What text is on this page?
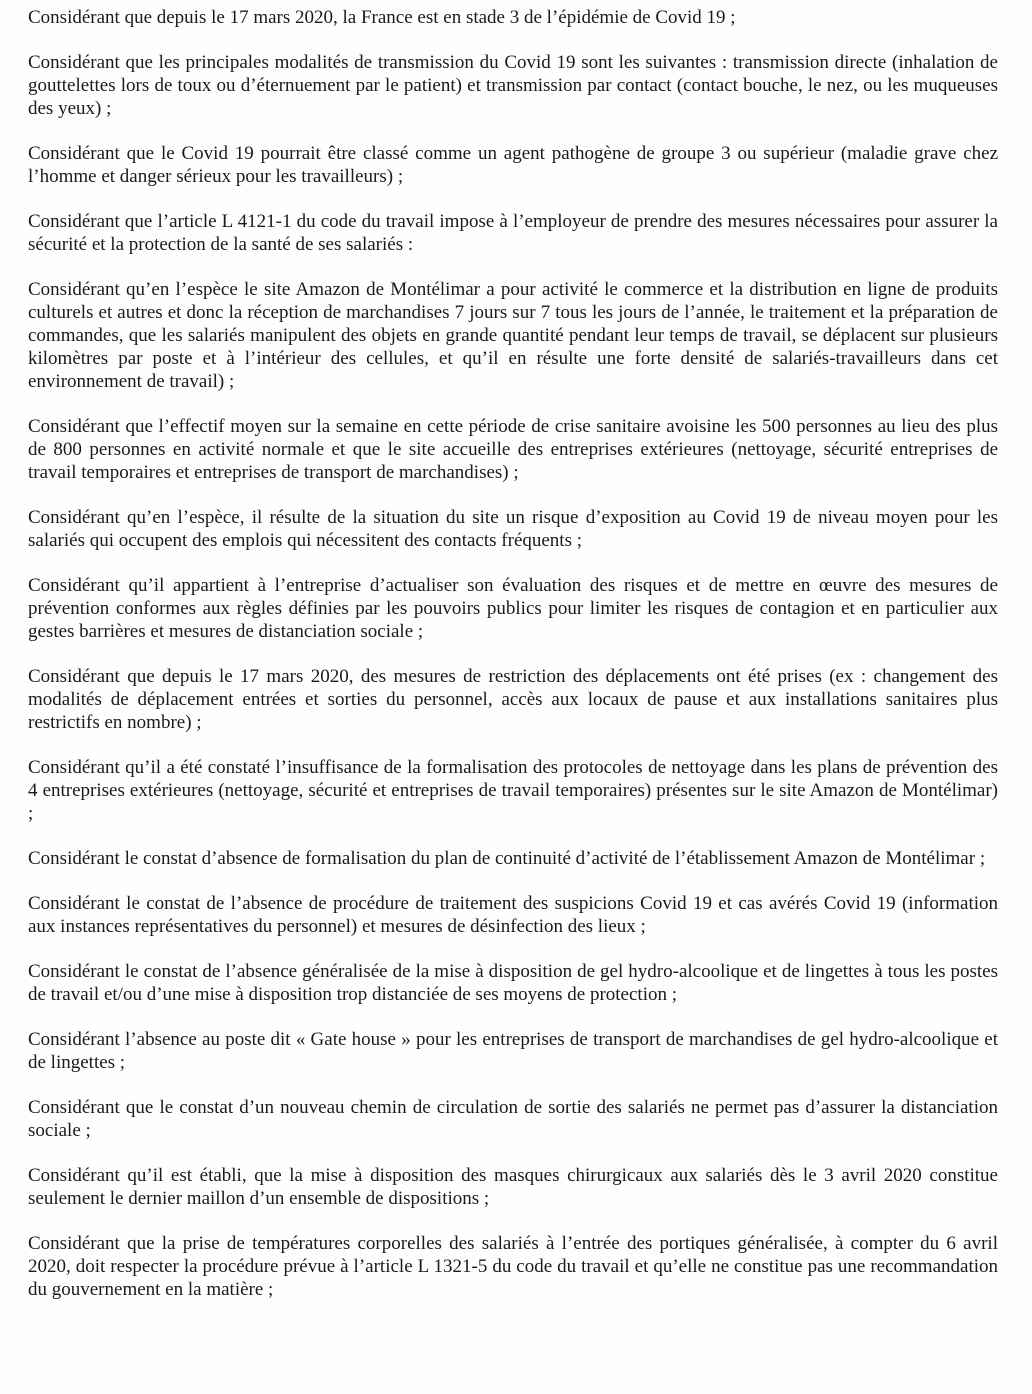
Considérant que depuis le 17 mars 2020, la France est en stade 3 de l’épidémie de Covid 19 ;

Considérant que les principales modalités de transmission du Covid 19 sont les suivantes : transmission directe (inhalation de gouttelettes lors de toux ou d’éternuement par le patient) et transmission par contact (contact bouche, le nez, ou les muqueuses des yeux) ;

Considérant que le Covid 19 pourrait être classé comme un agent pathogène de groupe 3 ou supérieur (maladie grave chez l’homme et danger sérieux pour les travailleurs) ;

Considérant que l’article L 4121-1 du code du travail impose à l’employeur de prendre des mesures nécessaires pour assurer la sécurité et la protection de la santé de ses salariés :

Considérant qu’en l’espèce le site Amazon de Montélimar a pour activité le commerce et la distribution en ligne de produits culturels et autres et donc la réception de marchandises 7 jours sur 7 tous les jours de l’année, le traitement et la préparation de commandes, que les salariés manipulent des objets en grande quantité pendant leur temps de travail, se déplacent sur plusieurs kilomètres par poste et à l’intérieur des cellules, et qu’il en résulte une forte densité de salariés-travailleurs dans cet environnement de travail) ;

Considérant que l’effectif moyen sur la semaine en cette période de crise sanitaire avoisine les 500 personnes au lieu des plus de 800 personnes en activité normale et que le site accueille des entreprises extérieures (nettoyage, sécurité entreprises de travail temporaires et entreprises de transport de marchandises) ;

Considérant qu’en l’espèce, il résulte de la situation du site un risque d’exposition au Covid 19 de niveau moyen pour les salariés qui occupent des emplois qui nécessitent des contacts fréquents ;

Considérant qu’il appartient à l’entreprise d’actualiser son évaluation des risques et de mettre en œuvre des mesures de prévention conformes aux règles définies par les pouvoirs publics pour limiter les risques de contagion et en particulier aux gestes barrières et mesures de distanciation sociale ;

Considérant que depuis le 17 mars 2020, des mesures de restriction des déplacements ont été prises (ex : changement des modalités de déplacement entrées et sorties du personnel, accès aux locaux de pause et aux installations sanitaires plus restrictifs en nombre) ;

Considérant qu’il a été constaté l’insuffisance de la formalisation des protocoles de nettoyage dans les plans de prévention des 4 entreprises extérieures (nettoyage, sécurité et entreprises de travail temporaires) présentes sur le site Amazon de Montélimar) ;

Considérant le constat d’absence de formalisation du plan de continuité d’activité de l’établissement Amazon de Montélimar ;

Considérant le constat de l’absence de procédure de traitement des suspicions Covid 19 et cas avérés Covid 19 (information aux instances représentatives du personnel) et mesures de désinfection des lieux ;

Considérant le constat de l’absence généralisée de la mise à disposition de gel hydro-alcoolique et de lingettes à tous les postes de travail et/ou d’une mise à disposition trop distanciée de ses moyens de protection ;

Considérant l’absence au poste dit « Gate house » pour les entreprises de transport de marchandises de gel hydro-alcoolique et de lingettes ;

Considérant que le constat d’un nouveau chemin de circulation de sortie des salariés ne permet pas d’assurer la distanciation sociale ;

Considérant qu’il est établi, que la mise à disposition des masques chirurgicaux aux salariés dès le 3 avril 2020 constitue seulement le dernier maillon d’un ensemble de dispositions ;

Considérant que la prise de températures corporelles des salariés à l’entrée des portiques généralisée, à compter du 6 avril 2020, doit respecter la procédure prévue à l’article L 1321-5 du code du travail et qu’elle ne constitue pas une recommandation du gouvernement en la matière ;
